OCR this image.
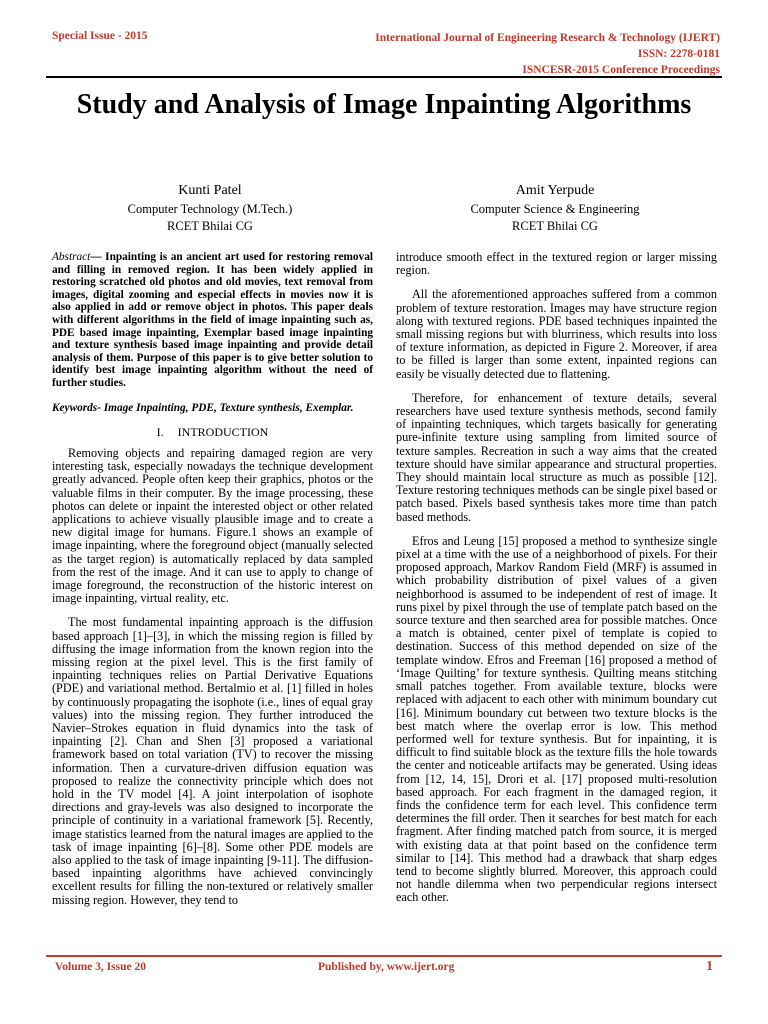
Special Issue - 2015	International Journal of Engineering Research & Technology (IJERT)
ISSN: 2278-0181
ISNCESR-2015 Conference Proceedings
Study and Analysis of Image Inpainting Algorithms
Kunti Patel
Computer Technology (M.Tech.)
RCET Bhilai CG
Amit Yerpude
Computer Science & Engineering
RCET Bhilai CG

Abstract— Inpainting is an ancient art used for restoring removal and filling in removed region. It has been widely applied in restoring scratched old photos and old movies, text removal from images, digital zooming and especial effects in movies now it is also applied in add or remove object in photos. This paper deals with different algorithms in the field of image inpainting such as, PDE based image inpainting, Exemplar based image inpainting and texture synthesis based image inpainting and provide detail analysis of them. Purpose of this paper is to give better solution to identify best image inpainting algorithm without the need of further studies.

Keywords- Image Inpainting, PDE, Texture synthesis, Exemplar.

I. INTRODUCTION

Removing objects and repairing damaged region are very interesting task, especially nowadays the technique development greatly advanced. People often keep their graphics, photos or the valuable films in their computer. By the image processing, these photos can delete or inpaint the interested object or other related applications to achieve visually plausible image and to create a new digital image for humans. Figure.1 shows an example of image inpainting, where the foreground object (manually selected as the target region) is automatically replaced by data sampled from the rest of the image. And it can use to apply to change of image foreground, the reconstruction of the historic interest on image inpainting, virtual reality, etc.

The most fundamental inpainting approach is the diffusion based approach [1]–[3], in which the missing region is filled by diffusing the image information from the known region into the missing region at the pixel level. This is the first family of inpainting techniques relies on Partial Derivative Equations (PDE) and variational method. Bertalmio et al. [1] filled in holes by continuously propagating the isophote (i.e., lines of equal gray values) into the missing region. They further introduced the Navier–Strokes equation in fluid dynamics into the task of inpainting [2]. Chan and Shen [3] proposed a variational framework based on total variation (TV) to recover the missing information. Then a curvature-driven diffusion equation was proposed to realize the connectivity principle which does not hold in the TV model [4]. A joint interpolation of isophote directions and gray-levels was also designed to incorporate the principle of continuity in a variational framework [5]. Recently, image statistics learned from the natural images are applied to the task of image inpainting [6]–[8]. Some other PDE models are also applied to the task of image inpainting [9-11]. The diffusion-based inpainting algorithms have achieved convincingly excellent results for filling the non-textured or relatively smaller missing region. However, they tend to

introduce smooth effect in the textured region or larger missing region.

All the aforementioned approaches suffered from a common problem of texture restoration. Images may have structure region along with textured regions. PDE based techniques inpainted the small missing regions but with blurriness, which results into loss of texture information, as depicted in Figure 2. Moreover, if area to be filled is larger than some extent, inpainted regions can easily be visually detected due to flattening.

Therefore, for enhancement of texture details, several researchers have used texture synthesis methods, second family of inpainting techniques, which targets basically for generating pure-infinite texture using sampling from limited source of texture samples. Recreation in such a way aims that the created texture should have similar appearance and structural properties. They should maintain local structure as much as possible [12]. Texture restoring techniques methods can be single pixel based or patch based. Pixels based synthesis takes more time than patch based methods.

Efros and Leung [15] proposed a method to synthesize single pixel at a time with the use of a neighborhood of pixels. For their proposed approach, Markov Random Field (MRF) is assumed in which probability distribution of pixel values of a given neighborhood is assumed to be independent of rest of image. It runs pixel by pixel through the use of template patch based on the source texture and then searched area for possible matches. Once a match is obtained, center pixel of template is copied to destination. Success of this method depended on size of the template window. Efros and Freeman [16] proposed a method of ‘Image Quilting’ for texture synthesis. Quilting means stitching small patches together. From available texture, blocks were replaced with adjacent to each other with minimum boundary cut [16]. Minimum boundary cut between two texture blocks is the best match where the overlap error is low. This method performed well for texture synthesis. But for inpainting, it is difficult to find suitable block as the texture fills the hole towards the center and noticeable artifacts may be generated. Using ideas from [12, 14, 15], Drori et al. [17] proposed multi-resolution based approach. For each fragment in the damaged region, it finds the confidence term for each level. This confidence term determines the fill order. Then it searches for best match for each fragment. After finding matched patch from source, it is merged with existing data at that point based on the confidence term similar to [14]. This method had a drawback that sharp edges tend to become slightly blurred. Moreover, this approach could not handle dilemma when two perpendicular regions intersect each other.

Volume 3, Issue 20	Published by, www.ijert.org	1
